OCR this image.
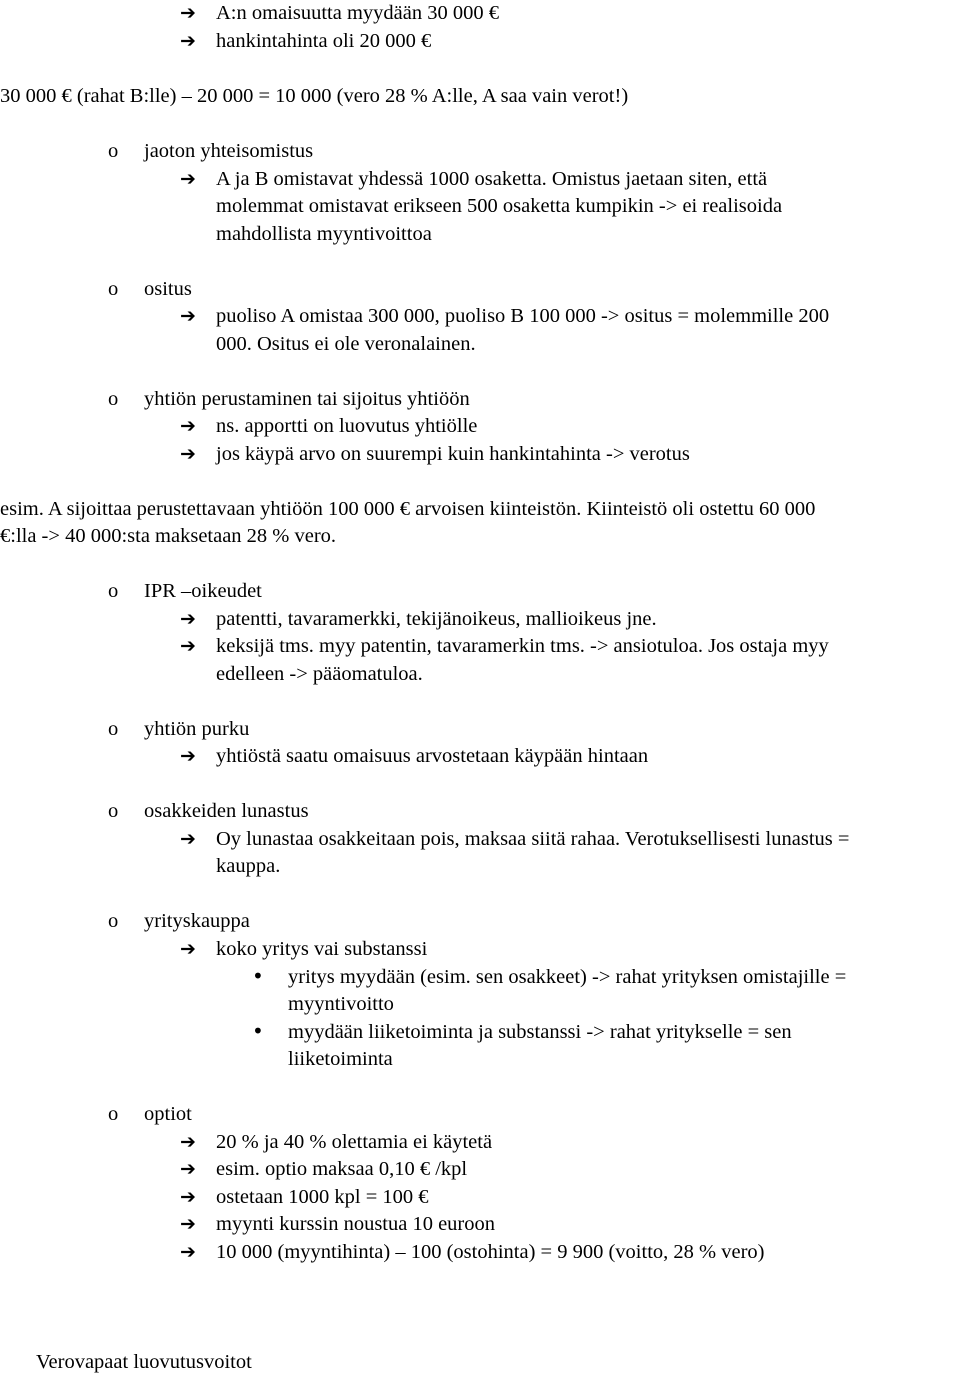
➔ A:n omaisuutta myydään 30 000 €
➔ hankintahinta oli 20 000 €
30 000 € (rahat B:lle) – 20 000 = 10 000 (vero 28 % A:lle, A saa vain verot!)
o jaoton yhteisomistus
➔ A ja B omistavat yhdessä 1000 osaketta. Omistus jaetaan siten, että
molemmat omistavat erikseen 500 osaketta kumpikin -> ei realisoida
mahdollista myyntivoittoa
o ositus
➔ puoliso A omistaa 300 000, puoliso B 100 000 -> ositus = molemmille 200
000. Ositus ei ole veronalainen.
o yhtiön perustaminen tai sijoitus yhtiöön
➔ ns. apportti on luovutus yhtiölle
➔ jos käypä arvo on suurempi kuin hankintahinta -> verotus
esim. A sijoittaa perustettavaan yhtiöön 100 000 € arvoisen kiinteistön. Kiinteistö oli ostettu 60 000
€:lla -> 40 000:sta maksetaan 28 % vero.
o IPR –oikeudet
➔ patentti, tavaramerkki, tekijänoikeus, mallioikeus jne.
➔ keksijä tms. myy patentin, tavaramerkin tms. -> ansiotuloa. Jos ostaja myy
edelleen -> pääomatuloa.
o yhtiön purku
➔ yhtiöstä saatu omaisuus arvostetaan käypään hintaan
o osakkeiden lunastus
➔ Oy lunastaa osakkeitaan pois, maksaa siitä rahaa. Verotuksellisesti lunastus =
kauppa.
o yrityskauppa
➔ koko yritys vai substanssi
• yritys myydään (esim. sen osakkeet) -> rahat yrityksen omistajille =
myyntivoitto
• myydään liiketoiminta ja substanssi -> rahat yritykselle = sen
liiketoiminta
o optiot
➔ 20 % ja 40 % olettamia ei käytetä
➔ esim. optio maksaa 0,10 € /kpl
➔ ostetaan 1000 kpl = 100 €
➔ myynti kurssin noustua 10 euroon
➔ 10 000 (myyntihinta) – 100 (ostohinta) = 9 900 (voitto, 28 % vero)
Verovapaat luovutusvoitot
